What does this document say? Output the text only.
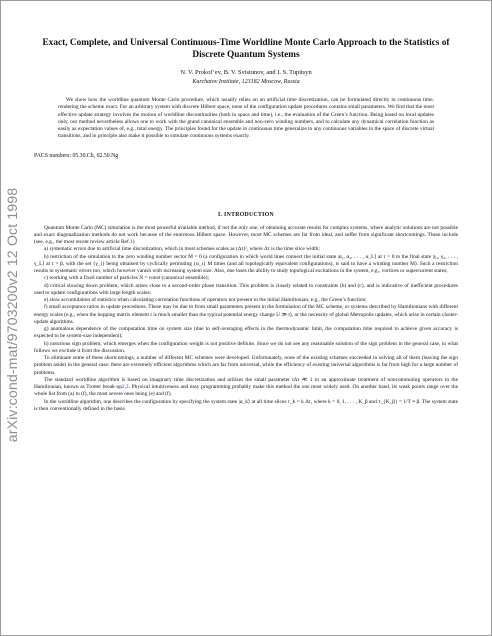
arXiv:cond-mat/9703200v2 12 Oct 1998
Exact, Complete, and Universal Continuous-Time Worldline Monte Carlo Approach to the Statistics of Discrete Quantum Systems
N. V. Prokof’ev, B. V. Svistunov, and I. S. Tupitsyn
Kurchatov Institute, 123182 Moscow, Russia
We show how the worldline quantum Monte Carlo procedure, which usually relies on an artificial time discretization, can be formulated directly in continuous time, rendering the scheme exact. For an arbitrary system with discrete Hilbert space, none of the configuration update procedures contains small parameters. We find that the most effective update strategy involves the motion of worldline discontinuities (both in space and time), i.e., the evaluation of the Green’s function. Being based on local updates only, our method nevertheless allows one to work with the grand canonical ensemble and non-zero winding numbers, and to calculate any dynamical correlation function as easily as expectation values of, e.g., total energy. The principles found for the update in continuous time generalize to any continuous variables in the space of discrete virtual transitions, and in principle also make it possible to simulate continuous systems exactly.
PACS numbers: 05.30.Ch, 02.50.Ng
I. INTRODUCTION

Quantum Monte Carlo (MC) simulation is the most powerful available method, if not the only one, of obtaining accurate results for complex systems, where analytic solutions are not possible and exact diagonalization methods do not work because of the enormous Hilbert space. However, most MC schemes are far from ideal, and suffer from significant shortcomings. These include (see, e.g., the most recent review article Ref.1)

a) systematic errors due to artificial time discretization, which in most schemes scales as (Δτ)², where Δτ is the time slice width;

b) restriction of the simulation to the zero winding number sector M = 0 (a configuration in which world lines connect the initial state |α₁, α₂, . . . , α_L⟩ at τ = 0 to the final state |γ₁, γ₂, . . . , γ_L⟩ at τ = β, with the set {γ_i} being obtained by cyclically permuting {α_i} M times (and all topologically equivalent configurations), is said to have a winding number M). Such a restriction results in systematic errors too, which however vanish with increasing system size. Also, one loses the ability to study topological excitations in the system, e.g., vortices or supercurrent states;

c) working with a fixed number of particles N = const (canonical ensemble);

d) critical slowing down problem, which arises close to a second-order phase transition. This problem is closely related to constraints (b) and (c), and is indicative of inefficient procedures used to update configurations with large length scales;

e) slow accumulation of statistics when calculating correlation functions of operators not present in the initial Hamiltonian, e.g., the Green’s function;

f) small acceptance ratios in update procedures. These may be due to from small parameters present in the formulation of the MC scheme, or systems described by Hamiltonians with different energy scales (e.g., when the hopping matrix element t is much smaller than the typical potential energy change U ≫ t), or the necessity of global Metropolis updates, which arise in certain cluster-update algorithms.

g) anomalous dependence of the computation time on system size (due to self-averaging effects in the thermodynamic limit, the computation time required to achieve given accuracy is expected to be system-size independent);

h) notorious sign problem, which emerges when the configuration weight is not positive definite. Since we do not see any reasonable solution of the sign problem in the general case, in what follows we exclude it from the discussion.

To eliminate some of these shortcomings, a number of different MC schemes were developed. Unfortunately, none of the existing schemes succeeded in solving all of them (leaving the sign problem aside) in the general case: there are extremely efficient algorithms which are far from universal, while the efficiency of existing universal algorithms is far from high for a large number of problems.

The standard worldline algorithm is based on imaginary time discretization and utilizes the small parameter tΔτ ≪ 1 in an approximate treatment of noncommuting operators in the Hamiltonian, known as Trotter break-up2,3. Physical intuitiveness and easy programming probably make this method the one most widely used. On another hand, its weak points range over the whole list from (a) to (f), the most severe ones being (e) and (f).

In the worldline algorithm, one describes the configuration by specifying the system state |α_k⟩ at all time slices τ_k = k Δτ, where k = 0, 1, . . . , K_β and τ_{K_β} = 1/T ≡ β. The system state is then conventionally defined in the basis
